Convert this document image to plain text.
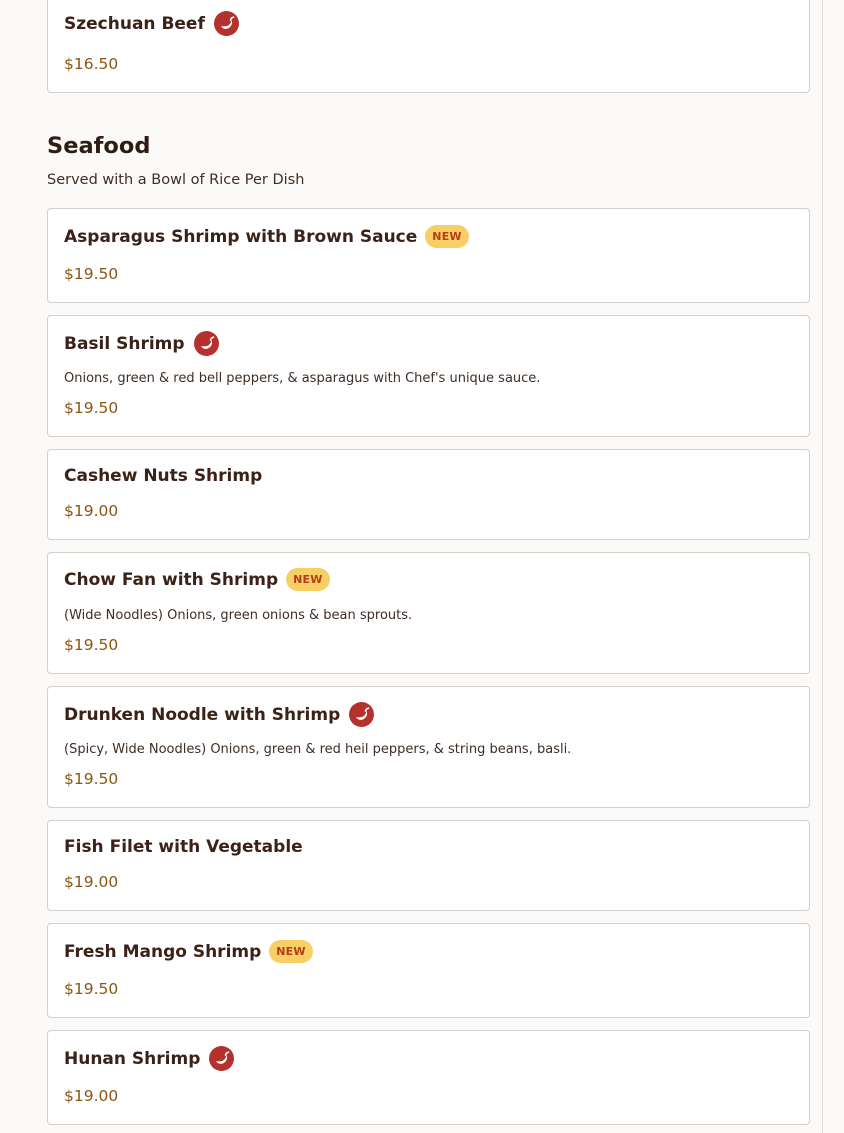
Szechuan Beef
$16.50
Seafood
Served with a Bowl of Rice Per Dish
Asparagus Shrimp with Brown Sauce	NEW
$19.50
Basil Shrimp
Onions, green & red bell peppers, & asparagus with Chef's unique sauce.
$19.50
Cashew Nuts Shrimp
$19.00
Chow Fan with Shrimp	NEW
(Wide Noodles) Onions, green onions & bean sprouts.
$19.50
Drunken Noodle with Shrimp
(Spicy, Wide Noodles) Onions, green & red heil peppers, & string beans, basli.
$19.50
Fish Filet with Vegetable
$19.00
Fresh Mango Shrimp	NEW
$19.50
Hunan Shrimp
$19.00
